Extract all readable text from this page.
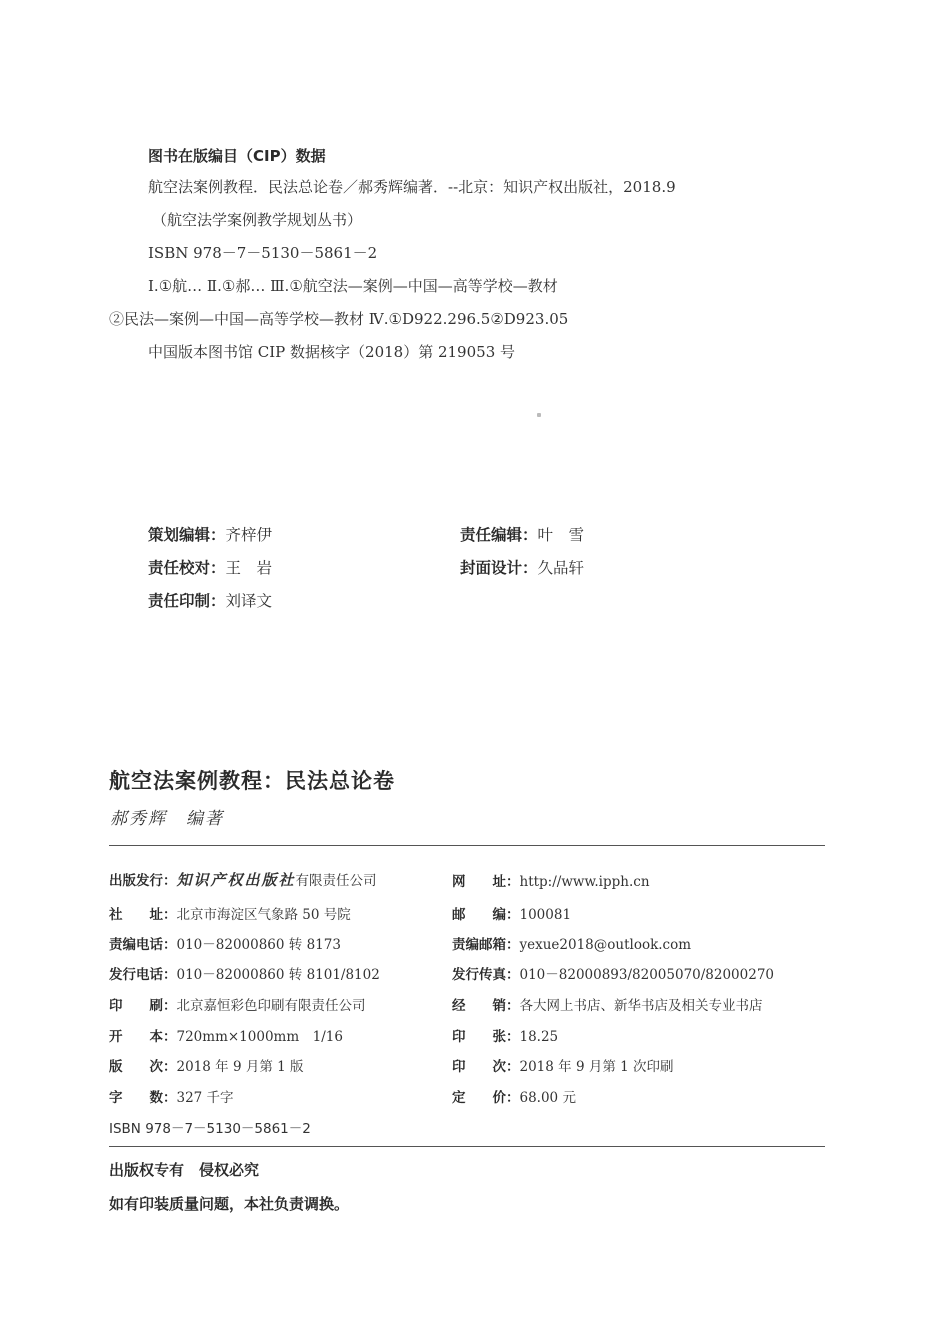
图书在版编目（CIP）数据
航空法案例教程．民法总论卷／郝秀辉编著．--北京：知识产权出版社，2018.9
（航空法学案例教学规划丛书）
ISBN 978－7－5130－5861－2
Ⅰ.①航… Ⅱ.①郝… Ⅲ.①航空法—案例—中国—高等学校—教材
②民法—案例—中国—高等学校—教材 Ⅳ.①D922.296.5②D923.05
中国版本图书馆 CIP 数据核字（2018）第 219053 号
策划编辑：齐梓伊	责任编辑：叶　雪
责任校对：王　岩	封面设计：久品轩
责任印制：刘译文
航空法案例教程：民法总论卷
郝秀辉　编著
出版发行：知识产权出版社有限责任公司	网　　址：http://www.ipph.cn
社　　址：北京市海淀区气象路 50 号院	邮　　编：100081
责编电话：010－82000860 转 8173	责编邮箱：yexue2018@outlook.com
发行电话：010－82000860 转 8101/8102	发行传真：010－82000893/82005070/82000270
印　　刷：北京嘉恒彩色印刷有限责任公司	经　　销：各大网上书店、新华书店及相关专业书店
开　　本：720mm×1000mm　1/16	印　　张：18.25
版　　次：2018 年 9 月第 1 版	印　　次：2018 年 9 月第 1 次印刷
字　　数：327 千字	定　　价：68.00 元
ISBN 978－7－5130－5861－2
出版权专有　侵权必究
如有印装质量问题，本社负责调换。
